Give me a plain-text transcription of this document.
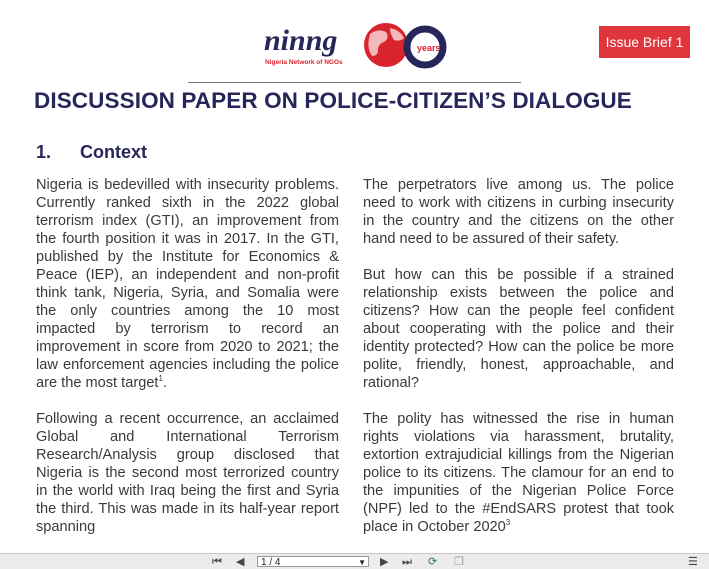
years
ninng
Nigeria Network of NGOs
Issue Brief 1
DISCUSSION PAPER ON POLICE-CITIZEN’S DIALOGUE
1. Context

Nigeria is bedevilled with insecurity problems. Currently ranked sixth in the 2022 global terrorism index (GTI), an improvement from the fourth position it was in 2017. In the GTI, published by the Institute for Economics & Peace (IEP), an independent and non-profit think tank, Nigeria, Syria, and Somalia were the only countries among the 10 most impacted by terrorism to record an improvement in score from 2020 to 2021; the law enforcement agencies including the police are the most target$^1$.

Following a recent occurrence, an acclaimed Global and International Terrorism Research/Analysis group disclosed that Nigeria is the second most terrorized country in the world with Iraq being the first and Syria the third. This was made in its half-year report spanning

The perpetrators live among us. The police need to work with citizens in curbing insecurity in the country and the citizens on the other hand need to be assured of their safety.

But how can this be possible if a strained relationship exists between the police and citizens? How can the people feel confident about cooperating with the police and their identity protected? How can the police be more polite, friendly, honest, approachable, and rational?

The polity has witnessed the rise in human rights violations via harassment, brutality, extortion extrajudicial killings from the Nigerian police to its citizens. The clamour for an end to the impunities of the Nigerian Police Force (NPF) led to the #EndSARS protest that took place in October 2020$^3$

⏮ ◀	1 / 4	▼ ▶ ⏭ ⟳ ❐	☰
